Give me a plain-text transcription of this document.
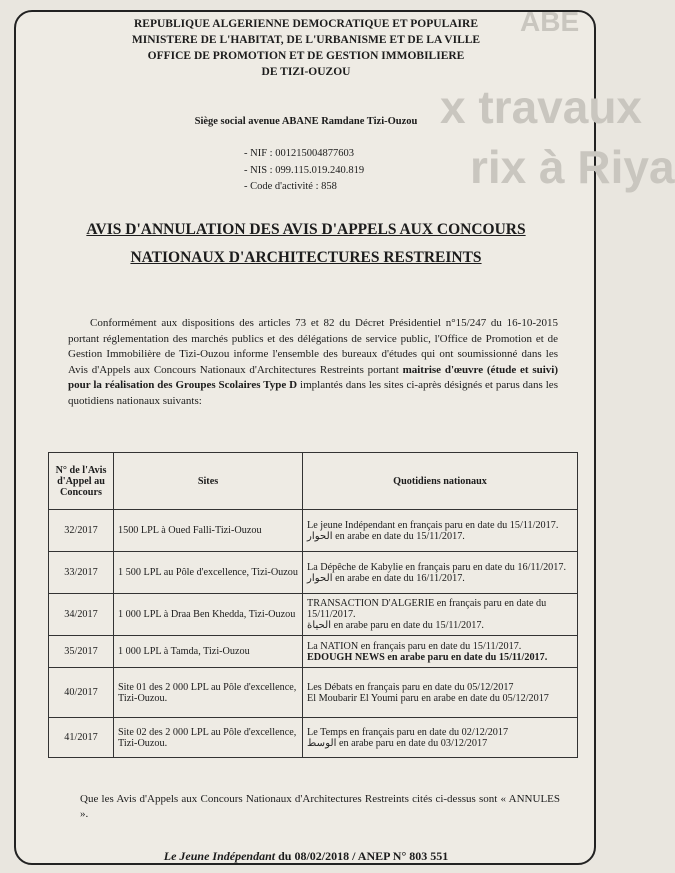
ABE
x travaux
rix à Riya
REPUBLIQUE ALGERIENNE DEMOCRATIQUE ET POPULAIRE
MINISTERE DE L'HABITAT, DE L'URBANISME ET DE LA VILLE
OFFICE DE PROMOTION ET DE GESTION IMMOBILIERE
DE TIZI-OUZOU
Siège social avenue ABANE Ramdane Tizi-Ouzou
- NIF : 001215004877603
- NIS : 099.115.019.240.819
- Code d'activité : 858
AVIS D'ANNULATION DES AVIS D'APPELS AUX CONCOURS
NATIONAUX D'ARCHITECTURES RESTREINTS
Conformément aux dispositions des articles 73 et 82 du Décret Présidentiel n°15/247 du 16-10-2015 portant réglementation des marchés publics et des délégations de service public, l'Office de Promotion et de Gestion Immobilière de Tizi-Ouzou informe l'ensemble des bureaux d'études qui ont soumissionné dans les Avis d'Appels aux Concours Nationaux d'Architectures Restreints portant maitrise d'œuvre (étude et suivi) pour la réalisation des Groupes Scolaires Type D implantés dans les sites ci-après désignés et parus dans les quotidiens nationaux suivants:
N° de l'Avis d'Appel au Concours	Sites	Quotidiens nationaux
32/2017	1500 LPL à Oued Falli-Tizi-Ouzou	Le jeune Indépendant en français paru en date du 15/11/2017.
الحوار en arabe en date du 15/11/2017.

33/2017	1 500 LPL au Pôle d'excellence, Tizi-Ouzou	La Dépêche de Kabylie en français paru en date du 16/11/2017.
الحوار en arabe en date du 16/11/2017.

34/2017	1 000 LPL à Draa Ben Khedda, Tizi-Ouzou	TRANSACTION D'ALGERIE en français paru en date du 15/11/2017.
الحياة en arabe paru en date du 15/11/2017.

35/2017	1 000 LPL à Tamda, Tizi-Ouzou	La NATION en français paru en date du 15/11/2017.
EDOUGH NEWS en arabe paru en date du 15/11/2017.

40/2017	Site 01 des 2 000 LPL au Pôle d'excellence, Tizi-Ouzou.	Les Débats en français paru en date du 05/12/2017
El Moubarir El Youmi paru en arabe en date du 05/12/2017

41/2017	Site 02 des 2 000 LPL au Pôle d'excellence, Tizi-Ouzou.	Le Temps en français paru en date du 02/12/2017
الوسط en arabe paru en date du 03/12/2017
Que les Avis d'Appels aux Concours Nationaux d'Architectures Restreints cités ci-dessus sont « ANNULES ».
Le Jeune Indépendant du 08/02/2018 / ANEP N° 803 551
